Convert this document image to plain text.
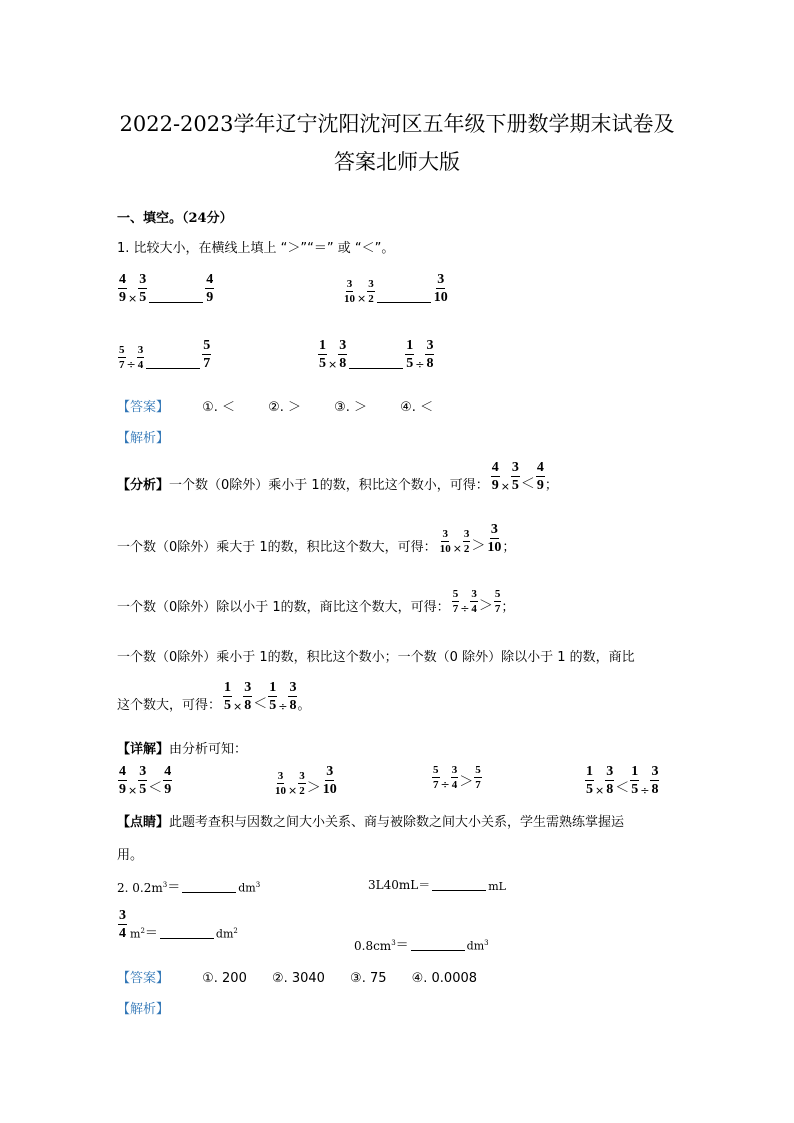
2022-2023学年辽宁沈阳沈河区五年级下册数学期末试卷及
答案北师大版
一、填空。（24分）
1. 比较大小，在横线上填上 “＞”“＝” 或 “＜”。
$\frac{4}{9} \times \frac{3}{5}$	$\frac{4}{9}$	$\frac{3}{10} \times \frac{3}{2}$	$\frac{3}{10}$
$\frac{5}{7} \div \frac{3}{4}$	$\frac{5}{7}$	$\frac{1}{5} \times \frac{3}{8}$	$\frac{1}{5} \div \frac{3}{8}$
【答案】	①. ＜	②. ＞	③. ＞	④. ＜
【解析】
【分析】一个数（0除外）乘小于 1的数，积比这个数小，可得： $\frac{4}{9} \times \frac{3}{5} < \frac{4}{9}$ ；
一个数（0除外）乘大于 1的数，积比这个数大，可得： $\frac{3}{10} \times \frac{3}{2} > \frac{3}{10}$ ；
一个数（0除外）除以小于 1的数，商比这个数大，可得： $\frac{5}{7} \div \frac{3}{4} > \frac{5}{7}$ ；
一个数（0除外）乘小于 1的数，积比这个数小；一个数（0 除外）除以小于 1 的数，商比
这个数大，可得： $\frac{1}{5} \times \frac{3}{8} < \frac{1}{5} \div \frac{3}{8}$ 。
【详解】由分析可知：
$\frac{4}{9} \times \frac{3}{5} < \frac{4}{9}$	$\frac{3}{10} \times \frac{3}{2} > \frac{3}{10}$	$\frac{5}{7} \div \frac{3}{4} > \frac{5}{7}$	$\frac{1}{5} \times \frac{3}{8} < \frac{1}{5} \div \frac{3}{8}$
【点睛】此题考查积与因数之间大小关系、商与被除数之间大小关系，学生需熟练掌握运
用。
2. $0.2m^3$ ＝	$dm^3$	3L40mL＝	mL
$\frac{3}{4} m^2$ ＝	$dm^2$
$0.8cm^3$ ＝	$dm^3$
【答案】	①. 200 ②. 3040 ③. 75 ④. 0.0008
【解析】
